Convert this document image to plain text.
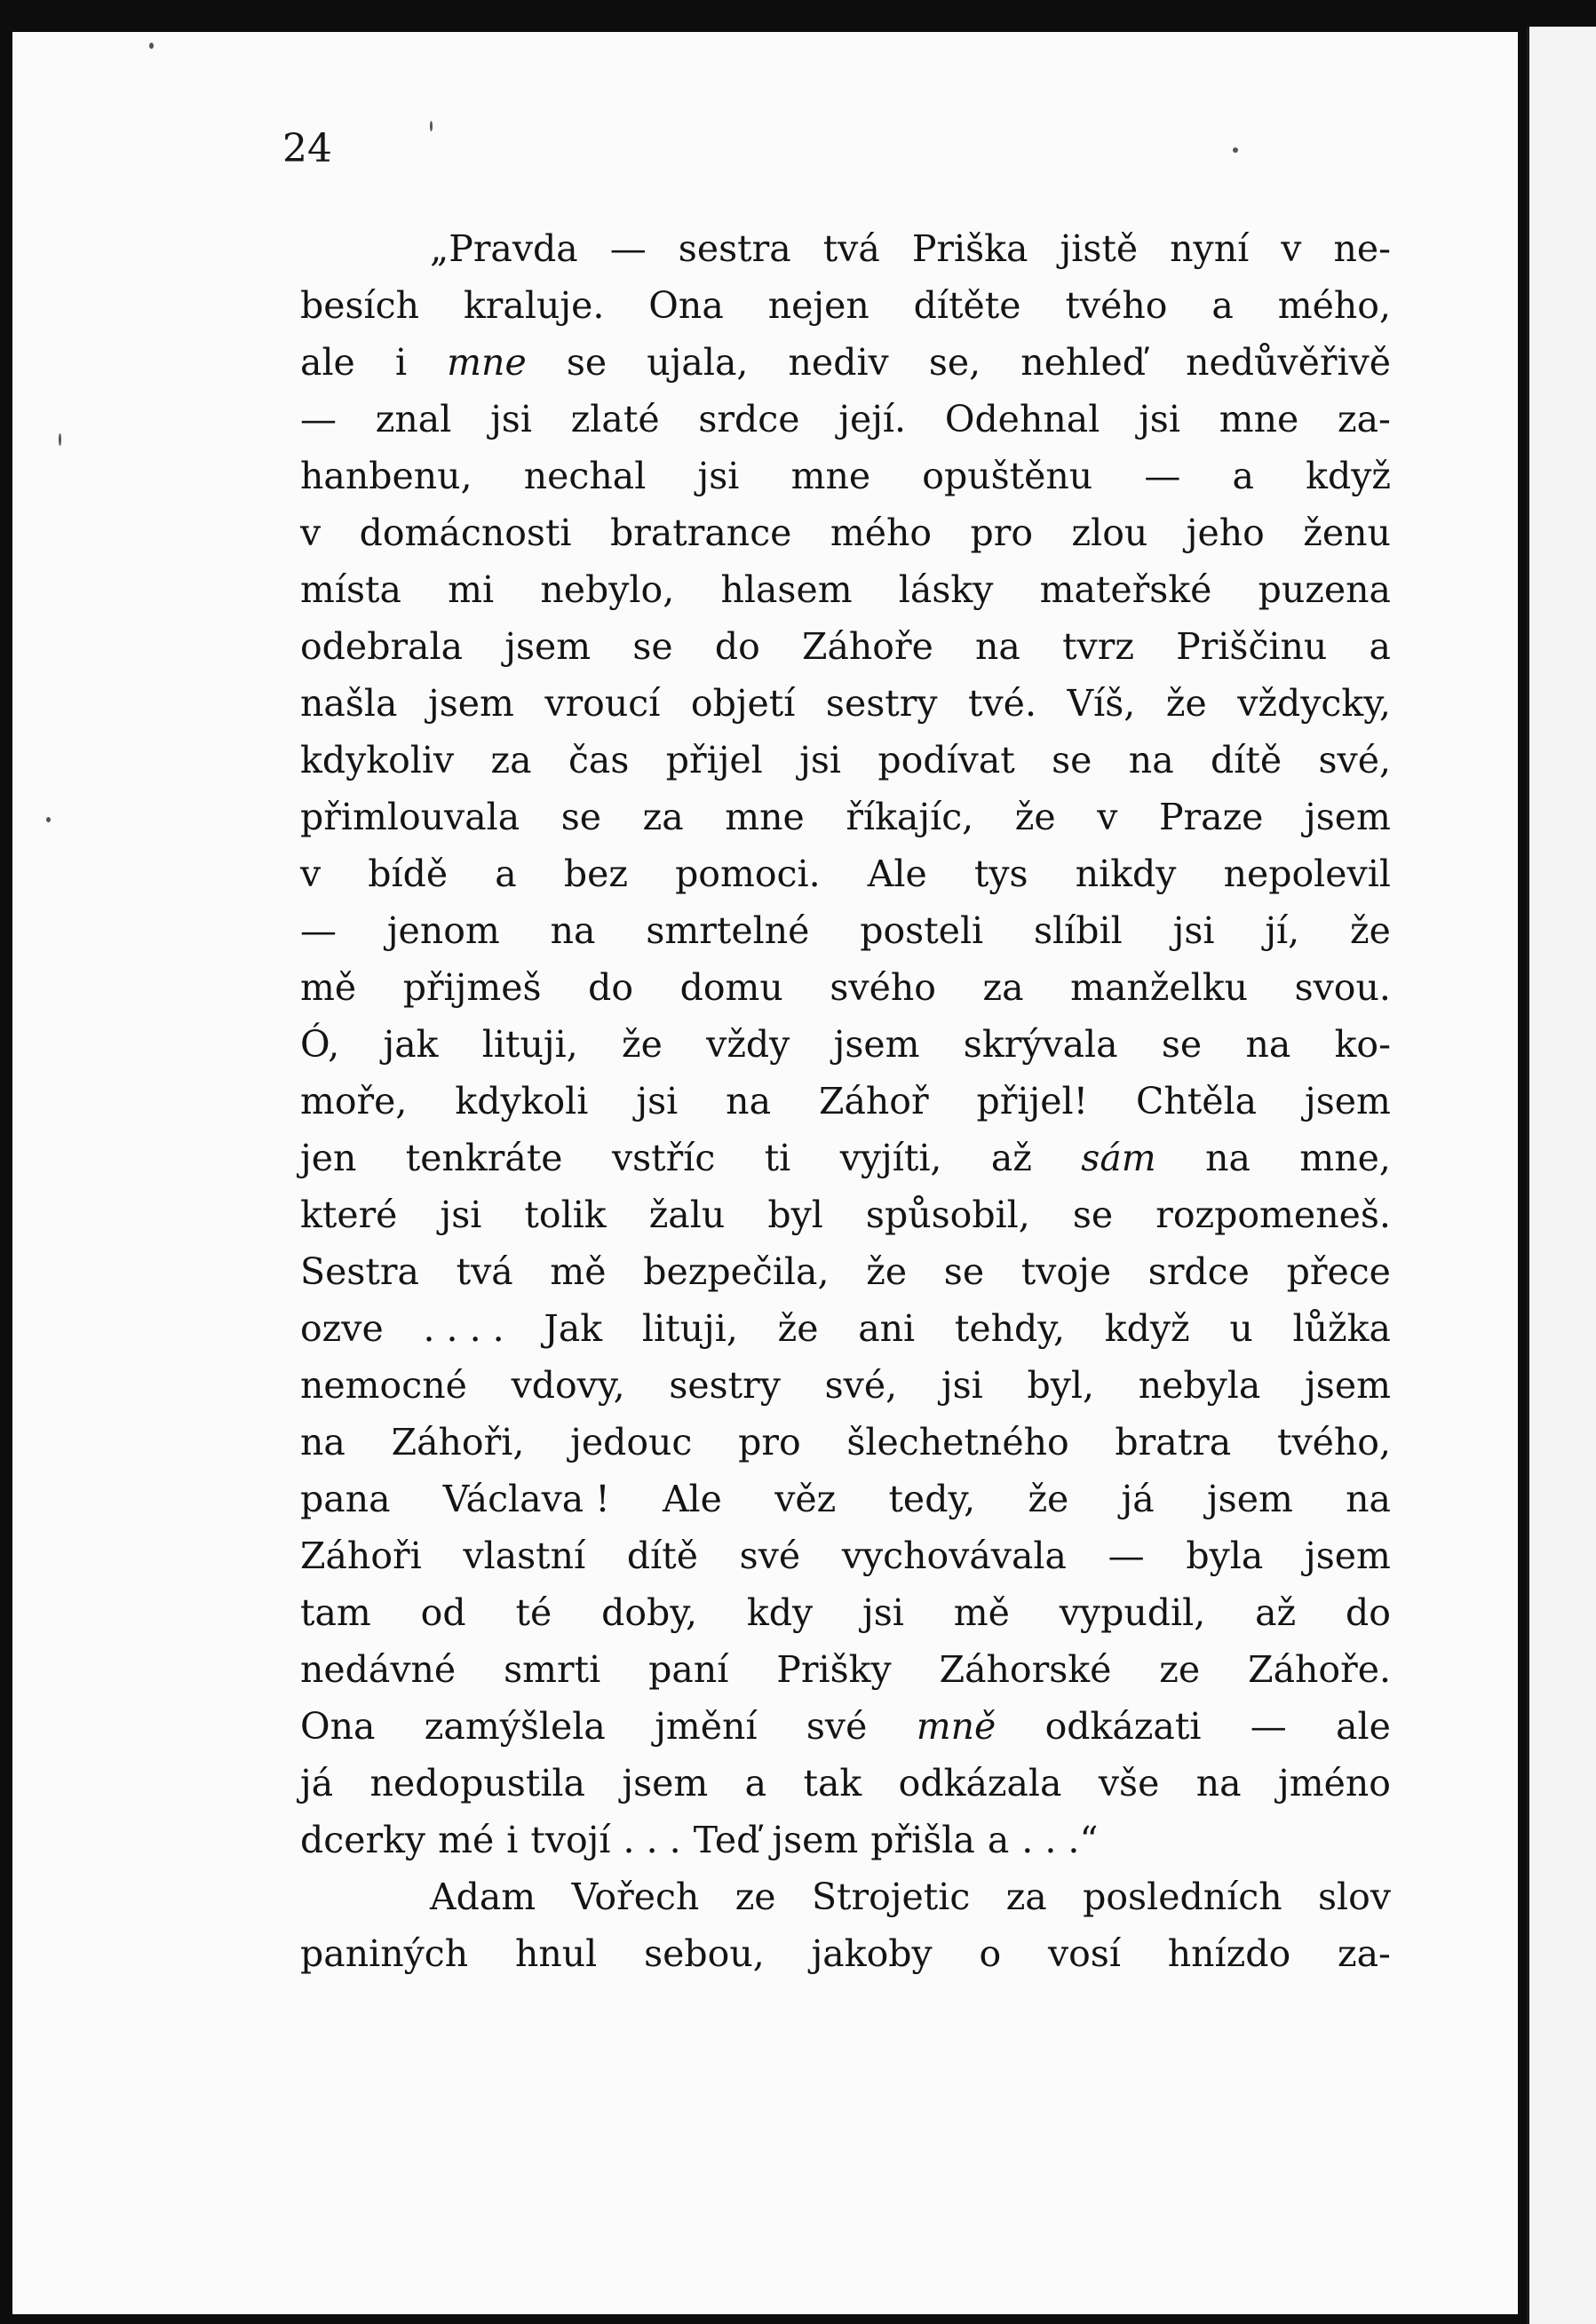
24
„Pravda — sestra tvá Priška jistě nyní v ne-
besích kraluje. Ona nejen dítěte tvého a mého,
ale i mne se ujala, nediv se, nehleď nedůvěřivě
— znal jsi zlaté srdce její. Odehnal jsi mne za-
hanbenu, nechal jsi mne opuštěnu — a když
v domácnosti bratrance mého pro zlou jeho ženu
místa mi nebylo, hlasem lásky mateřské puzena
odebrala jsem se do Záhoře na tvrz Priščinu a
našla jsem vroucí objetí sestry tvé. Víš, že vždycky,
kdykoliv za čas přijel jsi podívat se na dítě své,
přimlouvala se za mne říkajíc, že v Praze jsem
v bídě a bez pomoci. Ale tys nikdy nepolevil
— jenom na smrtelné posteli slíbil jsi jí, že
mě přijmeš do domu svého za manželku svou.
Ó, jak lituji, že vždy jsem skrývala se na ko-
moře, kdykoli jsi na Záhoř přijel! Chtěla jsem
jen tenkráte vstříc ti vyjíti, až sám na mne,
které jsi tolik žalu byl spůsobil, se rozpomeneš.
Sestra tvá mě bezpečila, že se tvoje srdce přece
ozve . . . . Jak lituji, že ani tehdy, když u lůžka
nemocné vdovy, sestry své, jsi byl, nebyla jsem
na Záhoři, jedouc pro šlechetného bratra tvého,
pana Václava ! Ale věz tedy, že já jsem na
Záhoři vlastní dítě své vychovávala — byla jsem
tam od té doby, kdy jsi mě vypudil, až do
nedávné smrti paní Prišky Záhorské ze Záhoře.
Ona zamýšlela jmění své mně odkázati — ale
já nedopustila jsem a tak odkázala vše na jméno
dcerky mé i tvojí . . . Teď jsem přišla a . . .“
Adam Vořech ze Strojetic za posledních slov
paniných hnul sebou, jakoby o vosí hnízdo za-
